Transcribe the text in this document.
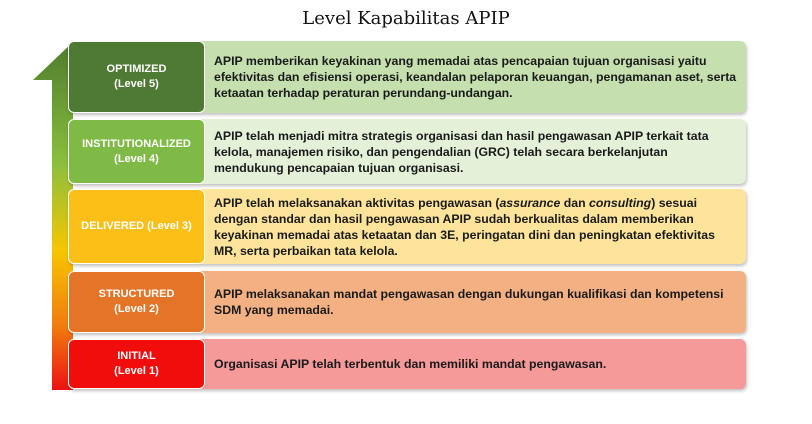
Level Kapabilitas APIP
OPTIMIZED
(Level 5)
APIP memberikan keyakinan yang memadai atas pencapaian tujuan organisasi yaitu efektivitas dan efisiensi operasi, keandalan pelaporan keuangan, pengamanan aset, serta ketaatan terhadap peraturan perundang-undangan.
INSTITUTIONALIZED
(Level 4)
APIP telah menjadi mitra strategis organisasi dan hasil pengawasan APIP terkait tata kelola, manajemen risiko, dan pengendalian (GRC) telah secara berkelanjutan mendukung pencapaian tujuan organisasi.
DELIVERED (Level 3)
APIP telah melaksanakan aktivitas pengawasan (assurance dan consulting) sesuai dengan standar dan hasil pengawasan APIP sudah berkualitas dalam memberikan keyakinan memadai atas ketaatan dan 3E, peringatan dini dan peningkatan efektivitas MR, serta perbaikan tata kelola.
STRUCTURED
(Level 2)
APIP melaksanakan mandat pengawasan dengan dukungan kualifikasi dan kompetensi SDM yang memadai.
INITIAL
(Level 1)	Organisasi APIP telah terbentuk dan memiliki mandat pengawasan.
